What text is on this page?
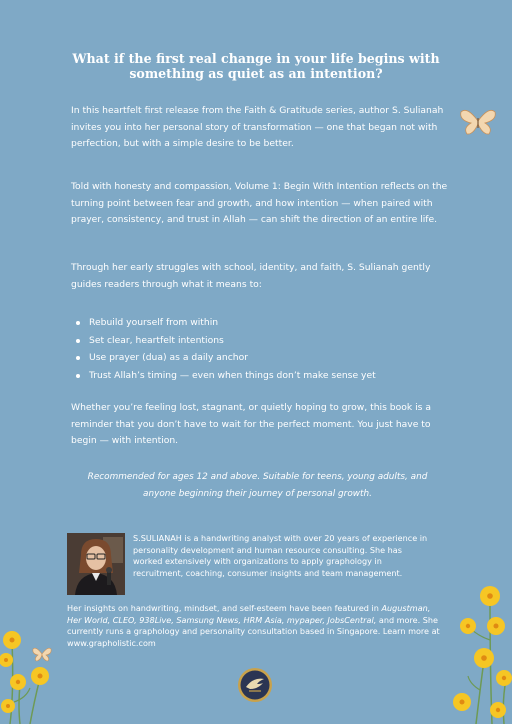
What if the first real change in your life begins with something as quiet as an intention?

In this heartfelt first release from the Faith & Gratitude series, author S. Sulianah invites you into her personal story of transformation — one that began not with perfection, but with a simple desire to be better.

Told with honesty and compassion, Volume 1: Begin With Intention reflects on the turning point between fear and growth, and how intention — when paired with prayer, consistency, and trust in Allah — can shift the direction of an entire life.

Through her early struggles with school, identity, and faith, S. Sulianah gently guides readers through what it means to:

Rebuild yourself from within
Set clear, heartfelt intentions
Use prayer (dua) as a daily anchor
Trust Allah’s timing — even when things don’t make sense yet

Whether you’re feeling lost, stagnant, or quietly hoping to grow, this book is a reminder that you don’t have to wait for the perfect moment. You just have to begin — with intention.

Recommended for ages 12 and above. Suitable for teens, young adults, and anyone beginning their journey of personal growth.

S.SULIANAH is a handwriting analyst with over 20 years of experience in personality development and human resource consulting. She has worked extensively with organizations to apply graphology in recruitment, coaching, consumer insights and team management.

Her insights on handwriting, mindset, and self-esteem have been featured in Augustman, Her World, CLEO, 938Live, Samsung News, HRM Asia, mypaper, JobsCentral, and more. She currently runs a graphology and personality consultation based in Singapore. Learn more at www.grapholistic.com
